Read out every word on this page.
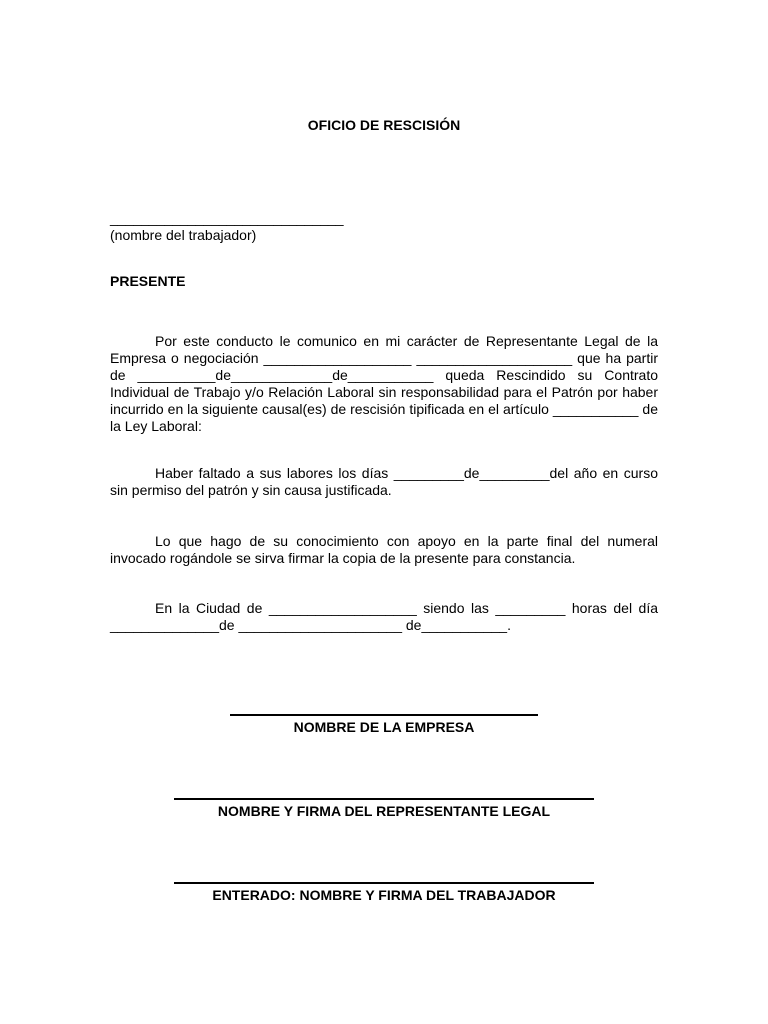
OFICIO DE RESCISIÓN
______________________________
(nombre del trabajador)
PRESENTE

Por este conducto le comunico en mi carácter de Representante Legal de la Empresa o negociación ___________________ ____________________ que ha partir de __________de_____________de___________ queda Rescindido su Contrato Individual de Trabajo y/o Relación Laboral sin responsabilidad para el Patrón por haber incurrido en la siguiente causal(es) de rescisión tipificada en el artículo ___________ de la Ley Laboral:

Haber faltado a sus labores los días _________de_________del año en curso sin permiso del patrón y sin causa justificada.

Lo que hago de su conocimiento con apoyo en la parte final del numeral invocado rogándole se sirva firmar la copia de la presente para constancia.

En la Ciudad de ___________________ siendo las _________ horas del día ______________de _____________________ de___________.

NOMBRE DE LA EMPRESA
NOMBRE Y FIRMA DEL REPRESENTANTE LEGAL
ENTERADO: NOMBRE Y FIRMA DEL TRABAJADOR
